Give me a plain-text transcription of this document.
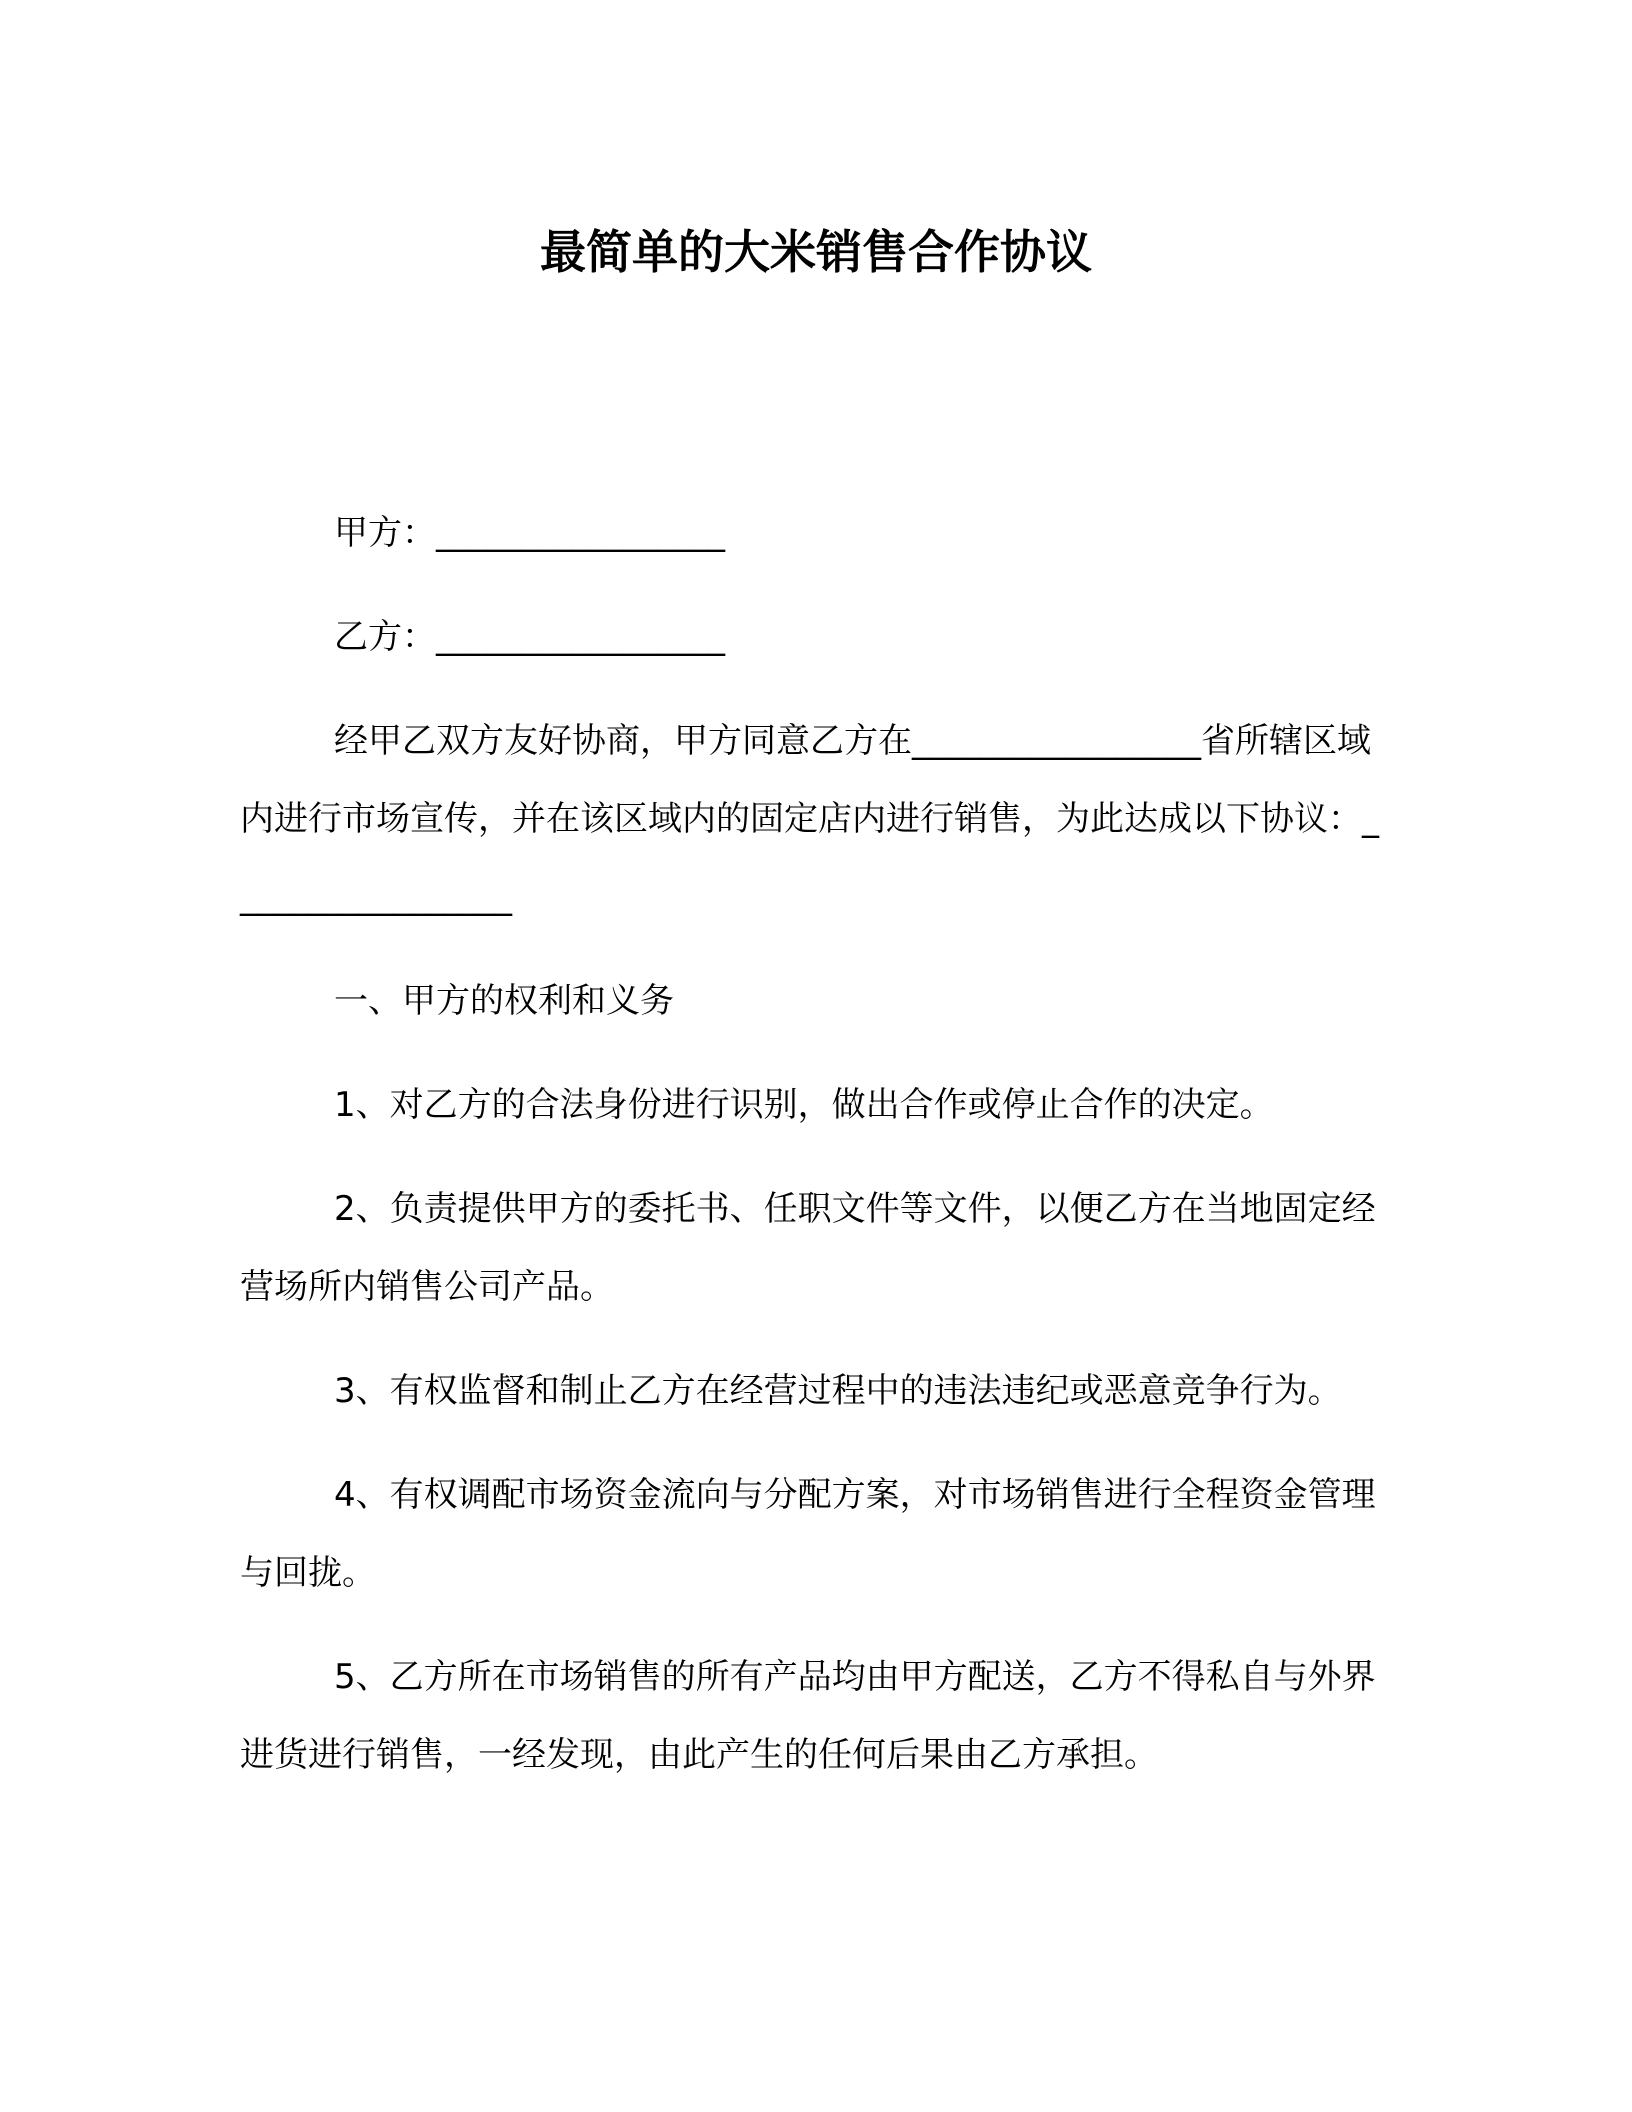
最简单的大米销售合作协议

甲方：_________________

乙方：_________________

经甲乙双方友好协商，甲方同意乙方在_________________省所辖区域内进行市场宣传，并在该区域内的固定店内进行销售，为此达成以下协议：_________________

一、甲方的权利和义务

1、对乙方的合法身份进行识别，做出合作或停止合作的决定。

2、负责提供甲方的委托书、任职文件等文件，以便乙方在当地固定经营场所内销售公司产品。

3、有权监督和制止乙方在经营过程中的违法违纪或恶意竞争行为。

4、有权调配市场资金流向与分配方案，对市场销售进行全程资金管理与回拢。

5、乙方所在市场销售的所有产品均由甲方配送，乙方不得私自与外界进货进行销售，一经发现，由此产生的任何后果由乙方承担。
